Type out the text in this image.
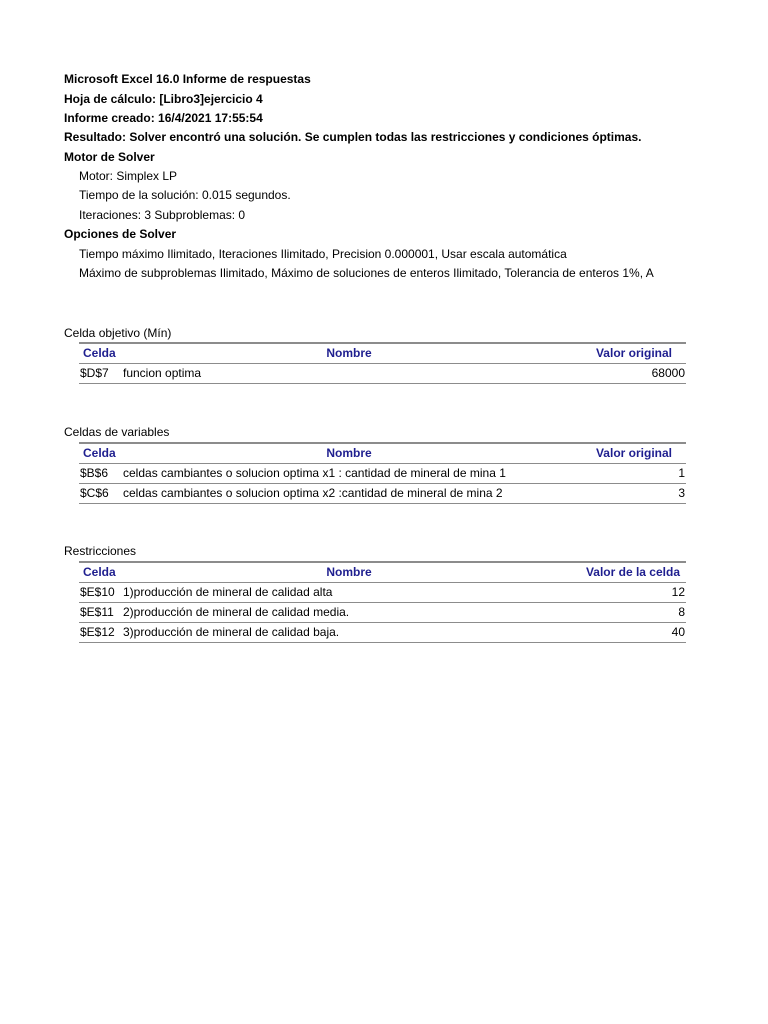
Microsoft Excel 16.0 Informe de respuestas
Hoja de cálculo: [Libro3]ejercicio 4
Informe creado: 16/4/2021 17:55:54
Resultado: Solver encontró una solución. Se cumplen todas las restricciones y condiciones óptimas.
Motor de Solver
Motor: Simplex LP
Tiempo de la solución: 0.015 segundos.
Iteraciones: 3 Subproblemas: 0
Opciones de Solver
Tiempo máximo Ilimitado, Iteraciones Ilimitado, Precision 0.000001, Usar escala automática
Máximo de subproblemas Ilimitado, Máximo de soluciones de enteros Ilimitado, Tolerancia de enteros 1%, A
Celda objetivo (Mín)
Celda	Nombre	Valor original
$D$7	funcion optima	68000
Celdas de variables
Celda	Nombre	Valor original
$B$6	celdas cambiantes o solucion optima x1 : cantidad de mineral de mina 1	1
$C$6	celdas cambiantes o solucion optima x2 :cantidad de mineral de mina 2	3
Restricciones
Celda	Nombre	Valor de la celda
$E$10	1)producción de mineral de calidad alta	12
$E$11	2)producción de mineral de calidad media.	8
$E$12	3)producción de mineral de calidad baja.	40
